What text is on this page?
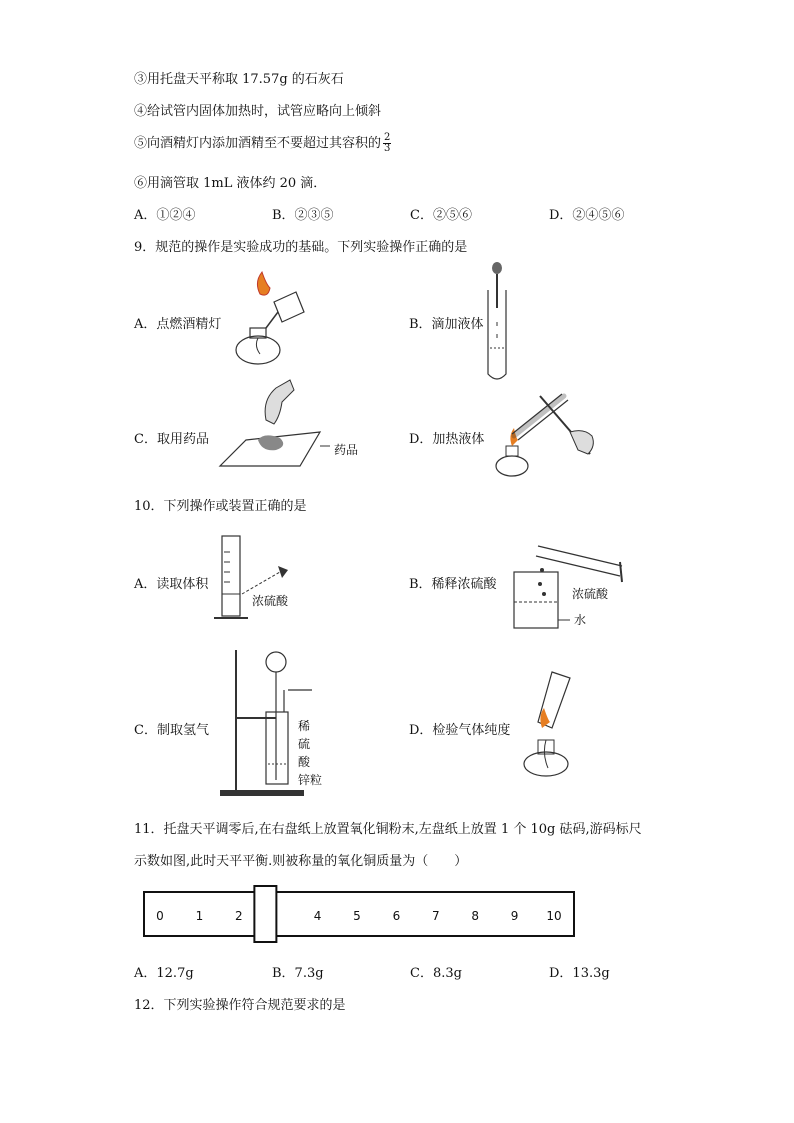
③用托盘天平称取 17.57g 的石灰石
④给试管内固体加热时，试管应略向上倾斜
⑤向酒精灯内添加酒精至不要超过其容积的 $\frac{2}{3}$
⑥用滴管取 1mL 液体约 20 滴．
A．①②④	B．②③⑤	C．②⑤⑥	D．②④⑤⑥
9．规范的操作是实验成功的基础。下列实验操作正确的是
A．点燃酒精灯	B．滴加液体
C．取用药品
药品
D．加热液体
10．下列操作或装置正确的是
A．读取体积
浓硫酸
B．稀释浓硫酸
浓硫酸
水
C．制取氢气	稀
硫
酸
锌粒
D．检验气体纯度
11．托盘天平调零后,在右盘纸上放置氧化铜粉末,左盘纸上放置 1 个 10g 砝码,游码标尺
示数如图,此时天平平衡.则被称量的氧化铜质量为（　　）
0	1	2	4	5	6	7	8	9 10
A．12.7g	B．7.3g	C．8.3g	D．13.3g
12．下列实验操作符合规范要求的是
